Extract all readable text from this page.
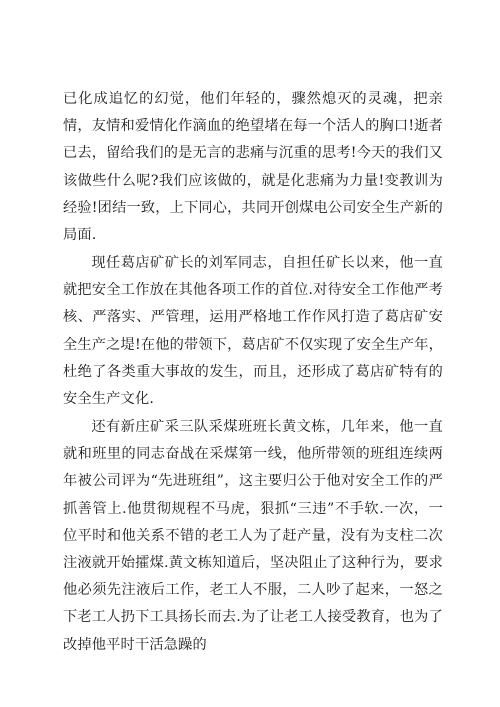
已化成追忆的幻觉，他们年轻的，骤然熄灭的灵魂，把亲情，友情和爱情化作滴血的绝望堵在每一个活人的胸口!逝者已去，留给我们的是无言的悲痛与沉重的思考!今天的我们又该做些什么呢?我们应该做的，就是化悲痛为力量!变教训为经验!团结一致，上下同心，共同开创煤电公司安全生产新的局面.

现任葛店矿矿长的刘军同志，自担任矿长以来，他一直就把安全工作放在其他各项工作的首位.对待安全工作他严考核、严落实、严管理，运用严格地工作作风打造了葛店矿安全生产之堤!在他的带领下，葛店矿不仅实现了安全生产年，杜绝了各类重大事故的发生，而且，还形成了葛店矿特有的安全生产文化.

还有新庄矿采三队采煤班班长黄文栋，几年来，他一直就和班里的同志奋战在采煤第一线，他所带领的班组连续两年被公司评为“先进班组”，这主要归公于他对安全工作的严抓善管上.他贯彻规程不马虎，狠抓“三违”不手软.一次，一位平时和他关系不错的老工人为了赶产量，没有为支柱二次注液就开始攉煤.黄文栋知道后，坚决阻止了这种行为，要求他必须先注液后工作，老工人不服，二人吵了起来，一怒之下老工人扔下工具扬长而去.为了让老工人接受教育，也为了改掉他平时干活急躁的
